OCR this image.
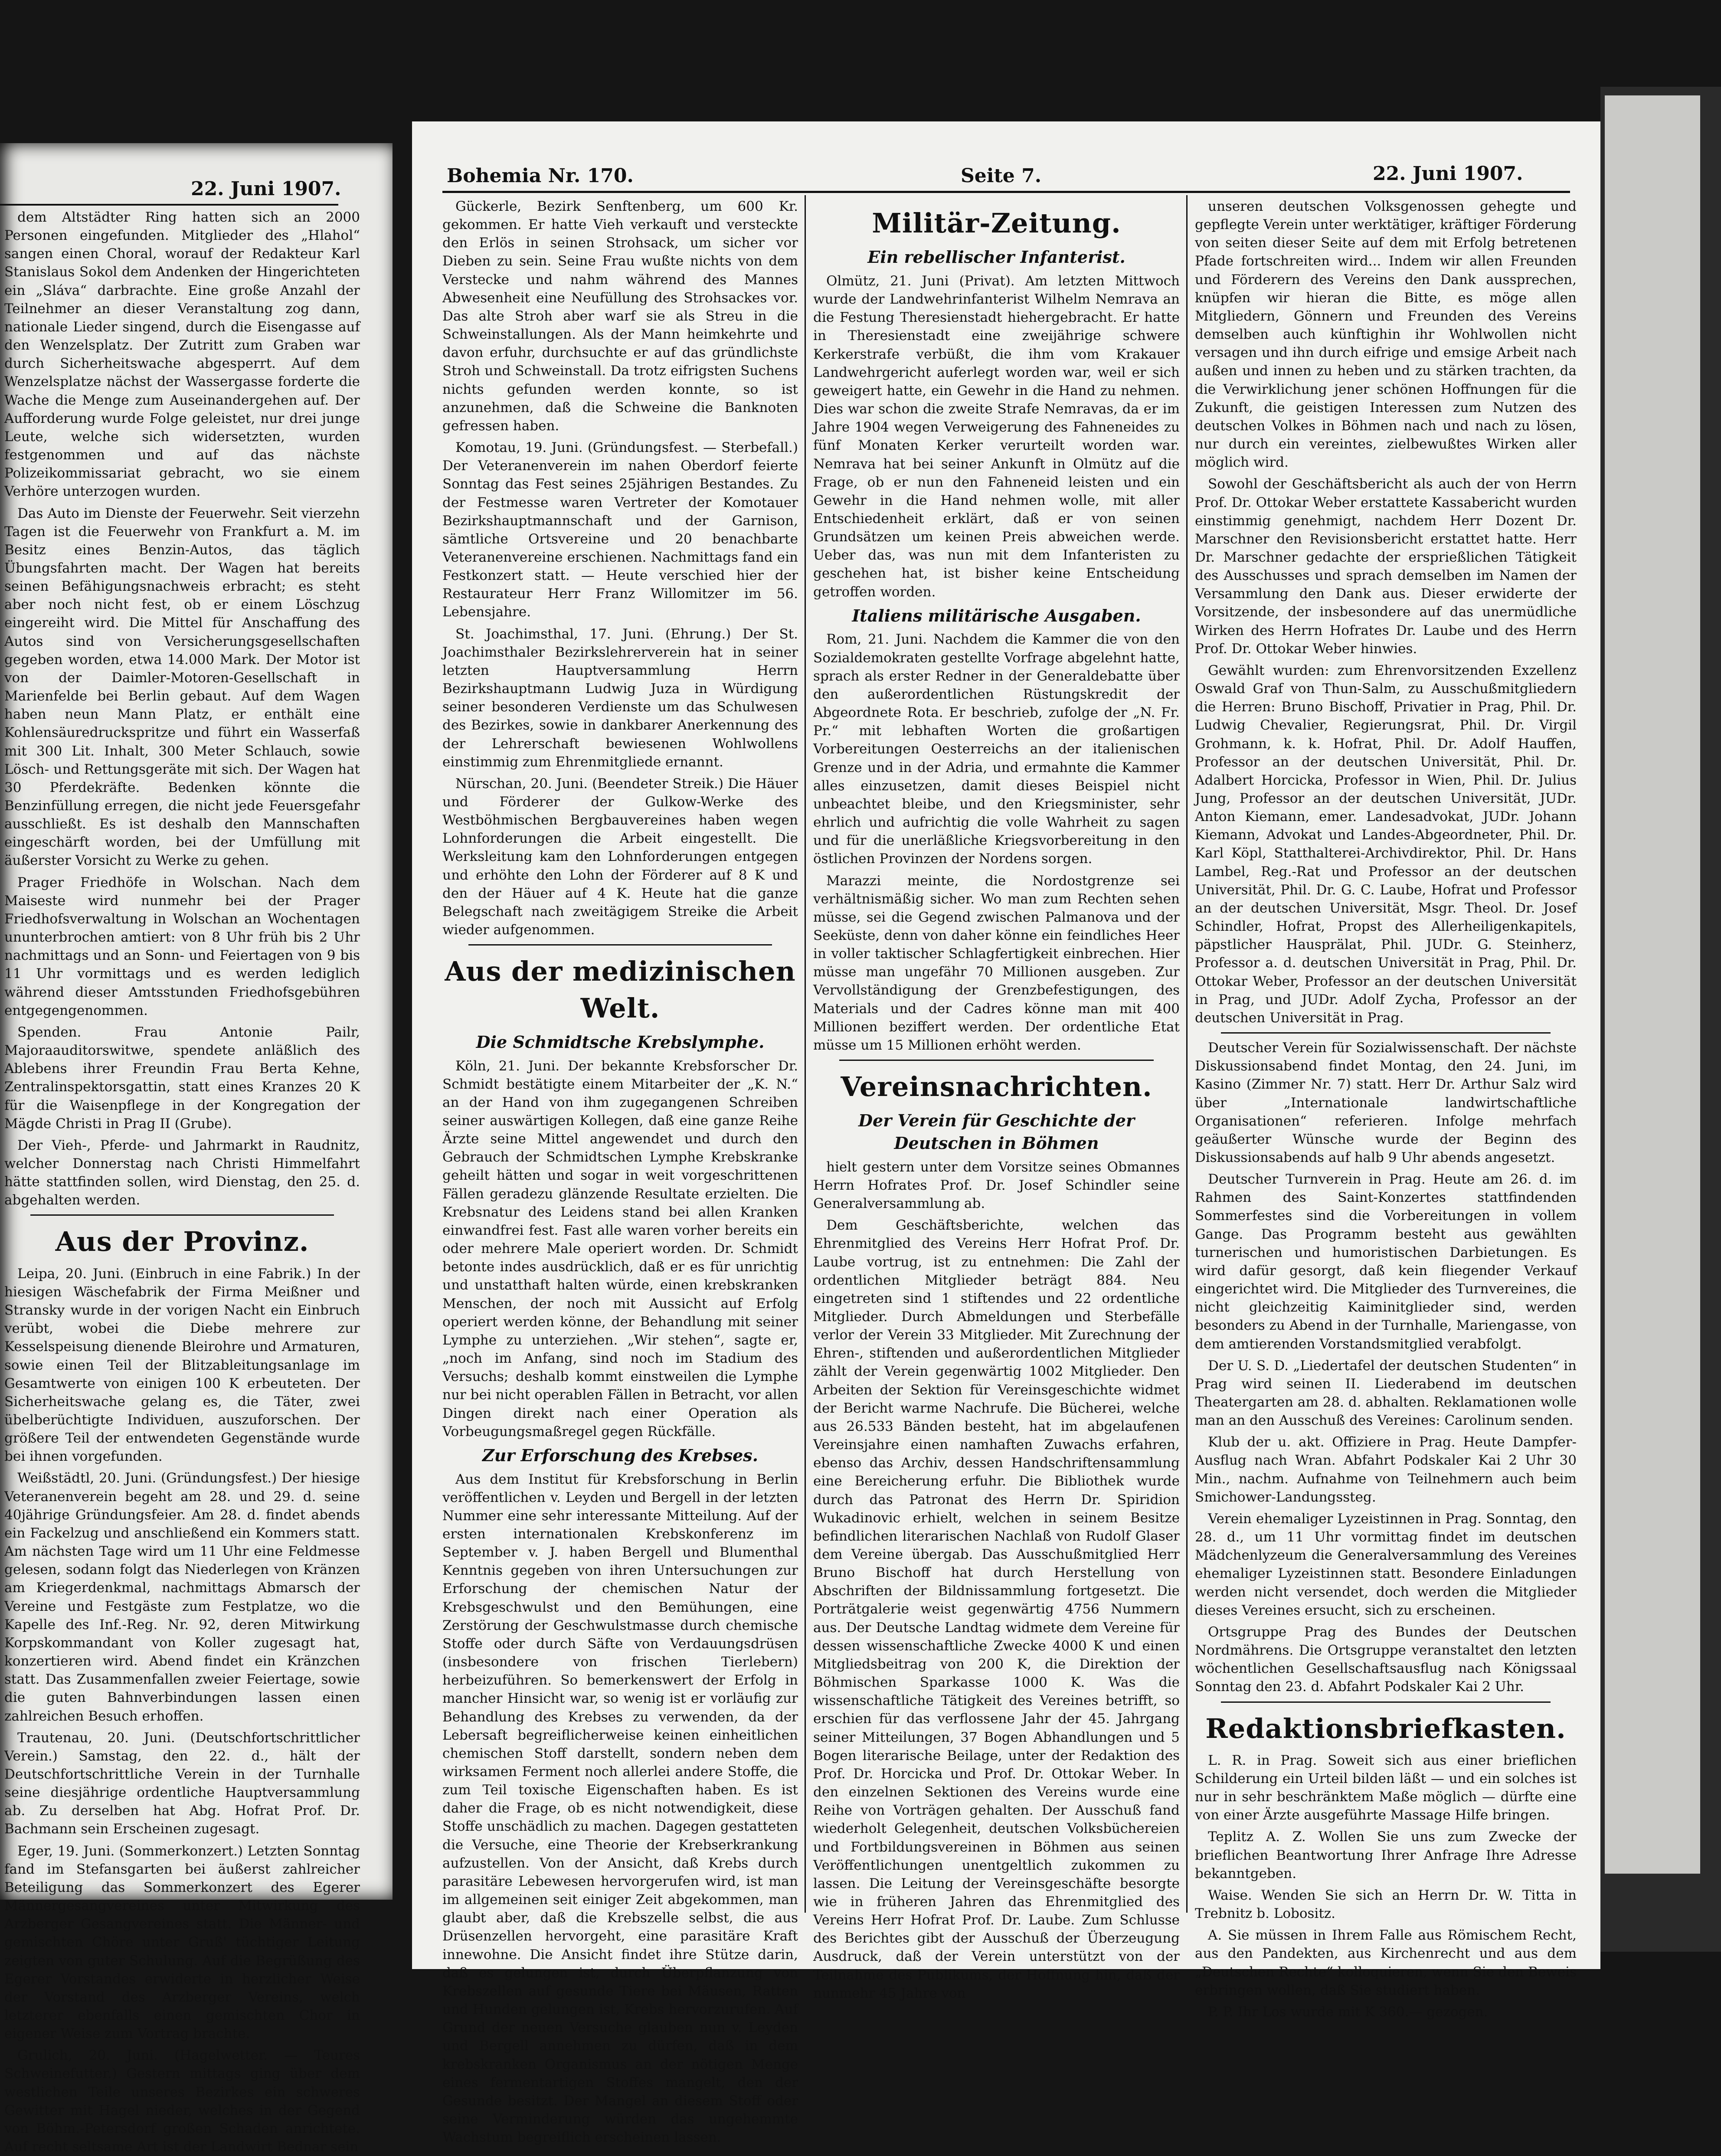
22. Juni 1907.

dem Altstädter Ring hatten sich an 2000 Personen eingefunden. Mitglieder des „Hlahol“ sangen einen Choral, worauf der Redakteur Karl Stanislaus Sokol dem Andenken der Hingerichteten ein „Sláva“ darbrachte. Eine große Anzahl der Teilnehmer an dieser Veranstaltung zog dann, nationale Lieder singend, durch die Eisengasse auf den Wenzelsplatz. Der Zutritt zum Graben war durch Sicherheitswache abgesperrt. Auf dem Wenzelsplatze nächst der Wassergasse forderte die Wache die Menge zum Auseinandergehen auf. Der Aufforderung wurde Folge geleistet, nur drei junge Leute, welche sich widersetzten, wurden festgenommen und auf das nächste Polizeikommissariat gebracht, wo sie einem Verhöre unterzogen wurden.

Das Auto im Dienste der Feuerwehr. Seit vierzehn Tagen ist die Feuerwehr von Frankfurt a. M. im Besitz eines Benzin-Autos, das täglich Übungsfahrten macht. Der Wagen hat bereits seinen Befähigungsnachweis erbracht; es steht aber noch nicht fest, ob er einem Löschzug eingereiht wird. Die Mittel für Anschaffung des Autos sind von Versicherungsgesellschaften gegeben worden, etwa 14.000 Mark. Der Motor ist von der Daimler-Motoren-Gesellschaft in Marienfelde bei Berlin gebaut. Auf dem Wagen haben neun Mann Platz, er enthält eine Kohlensäuredruckspritze und führt ein Wasserfaß mit 300 Lit. Inhalt, 300 Meter Schlauch, sowie Lösch- und Rettungsgeräte mit sich. Der Wagen hat 30 Pferdekräfte. Bedenken könnte die Benzinfüllung erregen, die nicht jede Feuersgefahr ausschließt. Es ist deshalb den Mannschaften eingeschärft worden, bei der Umfüllung mit äußerster Vorsicht zu Werke zu gehen.

Prager Friedhöfe in Wolschan. Nach dem Maiseste wird nunmehr bei der Prager Friedhofsverwaltung in Wolschan an Wochentagen ununterbrochen amtiert: von 8 Uhr früh bis 2 Uhr nachmittags und an Sonn- und Feiertagen von 9 bis 11 Uhr vormittags und es werden lediglich während dieser Amtsstunden Friedhofsgebühren entgegengenommen.

Spenden. Frau Antonie Pailr, Majoraauditorswitwe, spendete anläßlich des Ablebens ihrer Freundin Frau Berta Kehne, Zentralinspektorsgattin, statt eines Kranzes 20 K für die Waisenpflege in der Kongregation der Mägde Christi in Prag II (Grube).

Der Vieh-, Pferde- und Jahrmarkt in Raudnitz, welcher Donnerstag nach Christi Himmelfahrt hätte stattfinden sollen, wird Dienstag, den 25. d. abgehalten werden.

Aus der Provinz.

Leipa, 20. Juni. (Einbruch in eine Fabrik.) In der hiesigen Wäschefabrik der Firma Meißner und Stransky wurde in der vorigen Nacht ein Einbruch verübt, wobei die Diebe mehrere zur Kesselspeisung dienende Bleirohre und Armaturen, sowie einen Teil der Blitzableitungsanlage im Gesamtwerte von einigen 100 K erbeuteten. Der Sicherheitswache gelang es, die Täter, zwei übelberüchtigte Individuen, auszuforschen. Der größere Teil der entwendeten Gegenstände wurde bei ihnen vorgefunden.

Weißstädtl, 20. Juni. (Gründungsfest.) Der hiesige Veteranenverein begeht am 28. und 29. d. seine 40jährige Gründungsfeier. Am 28. d. findet abends ein Fackelzug und anschließend ein Kommers statt. Am nächsten Tage wird um 11 Uhr eine Feldmesse gelesen, sodann folgt das Niederlegen von Kränzen am Kriegerdenkmal, nachmittags Abmarsch der Vereine und Festgäste zum Festplatze, wo die Kapelle des Inf.-Reg. Nr. 92, deren Mitwirkung Korpskommandant von Koller zugesagt hat, konzertieren wird. Abend findet ein Kränzchen statt. Das Zusammenfallen zweier Feiertage, sowie die guten Bahnverbindungen lassen einen zahlreichen Besuch erhoffen.

Trautenau, 20. Juni. (Deutschfortschrittlicher Verein.) Samstag, den 22. d., hält der Deutschfortschrittliche Verein in der Turnhalle seine diesjährige ordentliche Hauptversammlung ab. Zu derselben hat Abg. Hofrat Prof. Dr. Bachmann sein Erscheinen zugesagt.

Eger, 19. Juni. (Sommerkonzert.) Letzten Sonntag fand im Stefansgarten bei äußerst zahlreicher Beteiligung das Sommerkonzert des Egerer Männergesangvereines unter Mitwirkung des Arzberger Gesangvereines statt. Die Männer- und gemischten Chöre unter Gruß' tüchtiger Leitung zeigten von guter Schulung. Auf die Begrüßung des Egerer Vorstandes erwiderte in herzlicher Weise der Vorstand des Arzberger Vereins, welch letzterer ebenfalls einen gemischten Chor in eigener Weise zum Vortrag brachte.

Grulich, 20. Juni. (Hagelwetter. — Teures Schweinefutter.) Gestern mittags ging über dem westlichen Teile unseres Bezirkes ein schweres Gewitter mit Hagel nieder, welches in der Gegend von Böhm.-Petersdorf großen Schaden anrichtete. Auf recht seltsame Art ist der Landwirt Bednar sein

Bohemia Nr. 170.	Seite 7.	22. Juni 1907.

Gückerle, Bezirk Senftenberg, um 600 Kr. gekommen. Er hatte Vieh verkauft und versteckte den Erlös in seinen Strohsack, um sicher vor Dieben zu sein. Seine Frau wußte nichts von dem Verstecke und nahm während des Mannes Abwesenheit eine Neufüllung des Strohsackes vor. Das alte Stroh aber warf sie als Streu in die Schweinstallungen. Als der Mann heimkehrte und davon erfuhr, durchsuchte er auf das gründlichste Stroh und Schweinstall. Da trotz eifrigsten Suchens nichts gefunden werden konnte, so ist anzunehmen, daß die Schweine die Banknoten gefressen haben.

Komotau, 19. Juni. (Gründungsfest. — Sterbefall.) Der Veteranenverein im nahen Oberdorf feierte Sonntag das Fest seines 25jährigen Bestandes. Zu der Festmesse waren Vertreter der Komotauer Bezirkshauptmannschaft und der Garnison, sämtliche Ortsvereine und 20 benachbarte Veteranenvereine erschienen. Nachmittags fand ein Festkonzert statt. — Heute verschied hier der Restaurateur Herr Franz Willomitzer im 56. Lebensjahre.

St. Joachimsthal, 17. Juni. (Ehrung.) Der St. Joachimsthaler Bezirkslehrerverein hat in seiner letzten Hauptversammlung Herrn Bezirkshauptmann Ludwig Juza in Würdigung seiner besonderen Verdienste um das Schulwesen des Bezirkes, sowie in dankbarer Anerkennung des der Lehrerschaft bewiesenen Wohlwollens einstimmig zum Ehrenmitgliede ernannt.

Nürschan, 20. Juni. (Beendeter Streik.) Die Häuer und Förderer der Gulkow-Werke des Westböhmischen Bergbauvereines haben wegen Lohnforderungen die Arbeit eingestellt. Die Werksleitung kam den Lohnforderungen entgegen und erhöhte den Lohn der Förderer auf 8 K und den der Häuer auf 4 K. Heute hat die ganze Belegschaft nach zweitägigem Streike die Arbeit wieder aufgenommen.

Aus der medizinischen Welt.
Die Schmidtsche Krebslymphe.

Köln, 21. Juni. Der bekannte Krebsforscher Dr. Schmidt bestätigte einem Mitarbeiter der „K. N.“ an der Hand von ihm zugegangenen Schreiben seiner auswärtigen Kollegen, daß eine ganze Reihe Ärzte seine Mittel angewendet und durch den Gebrauch der Schmidtschen Lymphe Krebskranke geheilt hätten und sogar in weit vorgeschrittenen Fällen geradezu glänzende Resultate erzielten. Die Krebsnatur des Leidens stand bei allen Kranken einwandfrei fest. Fast alle waren vorher bereits ein oder mehrere Male operiert worden. Dr. Schmidt betonte indes ausdrücklich, daß er es für unrichtig und unstatthaft halten würde, einen krebskranken Menschen, der noch mit Aussicht auf Erfolg operiert werden könne, der Behandlung mit seiner Lymphe zu unterziehen. „Wir stehen“, sagte er, „noch im Anfang, sind noch im Stadium des Versuchs; deshalb kommt einstweilen die Lymphe nur bei nicht operablen Fällen in Betracht, vor allen Dingen direkt nach einer Operation als Vorbeugungsmaßregel gegen Rückfälle.

Zur Erforschung des Krebses.

Aus dem Institut für Krebsforschung in Berlin veröffentlichen v. Leyden und Bergell in der letzten Nummer eine sehr interessante Mitteilung. Auf der ersten internationalen Krebskonferenz im September v. J. haben Bergell und Blumenthal Kenntnis gegeben von ihren Untersuchungen zur Erforschung der chemischen Natur der Krebsgeschwulst und den Bemühungen, eine Zerstörung der Geschwulstmasse durch chemische Stoffe oder durch Säfte von Verdauungsdrüsen (insbesondere von frischen Tierlebern) herbeizuführen. So bemerkenswert der Erfolg in mancher Hinsicht war, so wenig ist er vorläufig zur Behandlung des Krebses zu verwenden, da der Lebersaft begreiflicherweise keinen einheitlichen chemischen Stoff darstellt, sondern neben dem wirksamen Ferment noch allerlei andere Stoffe, die zum Teil toxische Eigenschaften haben. Es ist daher die Frage, ob es nicht notwendigkeit, diese Stoffe unschädlich zu machen. Dagegen gestatteten die Versuche, eine Theorie der Krebserkrankung aufzustellen. Von der Ansicht, daß Krebs durch parasitäre Lebewesen hervorgerufen wird, ist man im allgemeinen seit einiger Zeit abgekommen, man glaubt aber, daß die Krebszelle selbst, die aus Drüsenzellen hervorgeht, eine parasitäre Kraft innewohne. Die Ansicht findet ihre Stütze darin, daß es gelungen ist, durch Überpflanzung von Krebszellen auf gesunde Tiere bei Mäusen, Ratten und Hunden gelungen ist, Krebs hervorzurufen. Auf Grund der neuen Versuche glauben nun v. Leyden und Bergell annehmen zu dürfen, daß in dem krebskranken Organismus an der nötigen Menge eines fermentartigen Stoffes mangelt, den der Gesunde besitzt. Der Mangel an diesem Stoff oder seine Verminderung würden das ungehemmte Wachstum begreiflich erscheinen lassen.

Militär-Zeitung.
Ein rebellischer Infanterist.

Olmütz, 21. Juni (Privat). Am letzten Mittwoch wurde der Landwehrinfanterist Wilhelm Nemrava an die Festung Theresienstadt hiehergebracht. Er hatte in Theresienstadt eine zweijährige schwere Kerkerstrafe verbüßt, die ihm vom Krakauer Landwehrgericht auferlegt worden war, weil er sich geweigert hatte, ein Gewehr in die Hand zu nehmen. Dies war schon die zweite Strafe Nemravas, da er im Jahre 1904 wegen Verweigerung des Fahneneides zu fünf Monaten Kerker verurteilt worden war. Nemrava hat bei seiner Ankunft in Olmütz auf die Frage, ob er nun den Fahneneid leisten und ein Gewehr in die Hand nehmen wolle, mit aller Entschiedenheit erklärt, daß er von seinen Grundsätzen um keinen Preis abweichen werde. Ueber das, was nun mit dem Infanteristen zu geschehen hat, ist bisher keine Entscheidung getroffen worden.

Italiens militärische Ausgaben.

Rom, 21. Juni. Nachdem die Kammer die von den Sozialdemokraten gestellte Vorfrage abgelehnt hatte, sprach als erster Redner in der Generaldebatte über den außerordentlichen Rüstungskredit der Abgeordnete Rota. Er beschrieb, zufolge der „N. Fr. Pr.“ mit lebhaften Worten die großartigen Vorbereitungen Oesterreichs an der italienischen Grenze und in der Adria, und ermahnte die Kammer alles einzusetzen, damit dieses Beispiel nicht unbeachtet bleibe, und den Kriegsminister, sehr ehrlich und aufrichtig die volle Wahrheit zu sagen und für die unerläßliche Kriegsvorbereitung in den östlichen Provinzen der Nordens sorgen.

Marazzi meinte, die Nordostgrenze sei verhältnismäßig sicher. Wo man zum Rechten sehen müsse, sei die Gegend zwischen Palmanova und der Seeküste, denn von daher könne ein feindliches Heer in voller taktischer Schlagfertigkeit einbrechen. Hier müsse man ungefähr 70 Millionen ausgeben. Zur Vervollständigung der Grenzbefestigungen, des Materials und der Cadres könne man mit 400 Millionen beziffert werden. Der ordentliche Etat müsse um 15 Millionen erhöht werden.

Vereinsnachrichten.
Der Verein für Geschichte der Deutschen in Böhmen

hielt gestern unter dem Vorsitze seines Obmannes Herrn Hofrates Prof. Dr. Josef Schindler seine Generalversammlung ab.

Dem Geschäftsberichte, welchen das Ehrenmitglied des Vereins Herr Hofrat Prof. Dr. Laube vortrug, ist zu entnehmen: Die Zahl der ordentlichen Mitglieder beträgt 884. Neu eingetreten sind 1 stiftendes und 22 ordentliche Mitglieder. Durch Abmeldungen und Sterbefälle verlor der Verein 33 Mitglieder. Mit Zurechnung der Ehren-, stiftenden und außerordentlichen Mitglieder zählt der Verein gegenwärtig 1002 Mitglieder. Den Arbeiten der Sektion für Vereinsgeschichte widmet der Bericht warme Nachrufe. Die Bücherei, welche aus 26.533 Bänden besteht, hat im abgelaufenen Vereinsjahre einen namhaften Zuwachs erfahren, ebenso das Archiv, dessen Handschriftensammlung eine Bereicherung erfuhr. Die Bibliothek wurde durch das Patronat des Herrn Dr. Spiridion Wukadinovic erhielt, welchen in seinem Besitze befindlichen literarischen Nachlaß von Rudolf Glaser dem Vereine übergab. Das Ausschußmitglied Herr Bruno Bischoff hat durch Herstellung von Abschriften der Bildnissammlung fortgesetzt. Die Porträtgalerie weist gegenwärtig 4756 Nummern aus. Der Deutsche Landtag widmete dem Vereine für dessen wissenschaftliche Zwecke 4000 K und einen Mitgliedsbeitrag von 200 K, die Direktion der Böhmischen Sparkasse 1000 K. Was die wissenschaftliche Tätigkeit des Vereines betrifft, so erschien für das verflossene Jahr der 45. Jahrgang seiner Mitteilungen, 37 Bogen Abhandlungen und 5 Bogen literarische Beilage, unter der Redaktion des Prof. Dr. Horcicka und Prof. Dr. Ottokar Weber. In den einzelnen Sektionen des Vereins wurde eine Reihe von Vorträgen gehalten. Der Ausschuß fand wiederholt Gelegenheit, deutschen Volksbüchereien und Fortbildungsvereinen in Böhmen aus seinen Veröffentlichungen unentgeltlich zukommen zu lassen. Die Leitung der Vereinsgeschäfte besorgte wie in früheren Jahren das Ehrenmitglied des Vereins Herr Hofrat Prof. Dr. Laube. Zum Schlusse des Berichtes gibt der Ausschuß der Überzeugung Ausdruck, daß der Verein unterstützt von der Teilnahme des Publikums, der Hoffnung hin, daß der nunmehr 45 Jahre von

unseren deutschen Volksgenossen gehegte und gepflegte Verein unter werktätiger, kräftiger Förderung von seiten dieser Seite auf dem mit Erfolg betretenen Pfade fortschreiten wird... Indem wir allen Freunden und Förderern des Vereins den Dank aussprechen, knüpfen wir hieran die Bitte, es möge allen Mitgliedern, Gönnern und Freunden des Vereins demselben auch künftighin ihr Wohlwollen nicht versagen und ihn durch eifrige und emsige Arbeit nach außen und innen zu heben und zu stärken trachten, da die Verwirklichung jener schönen Hoffnungen für die Zukunft, die geistigen Interessen zum Nutzen des deutschen Volkes in Böhmen nach und nach zu lösen, nur durch ein vereintes, zielbewußtes Wirken aller möglich wird.

Sowohl der Geschäftsbericht als auch der von Herrn Prof. Dr. Ottokar Weber erstattete Kassabericht wurden einstimmig genehmigt, nachdem Herr Dozent Dr. Marschner den Revisionsbericht erstattet hatte. Herr Dr. Marschner gedachte der ersprießlichen Tätigkeit des Ausschusses und sprach demselben im Namen der Versammlung den Dank aus. Dieser erwiderte der Vorsitzende, der insbesondere auf das unermüdliche Wirken des Herrn Hofrates Dr. Laube und des Herrn Prof. Dr. Ottokar Weber hinwies.

Gewählt wurden: zum Ehrenvorsitzenden Exzellenz Oswald Graf von Thun-Salm, zu Ausschußmitgliedern die Herren: Bruno Bischoff, Privatier in Prag, Phil. Dr. Ludwig Chevalier, Regierungsrat, Phil. Dr. Virgil Grohmann, k. k. Hofrat, Phil. Dr. Adolf Hauffen, Professor an der deutschen Universität, Phil. Dr. Adalbert Horcicka, Professor in Wien, Phil. Dr. Julius Jung, Professor an der deutschen Universität, JUDr. Anton Kiemann, emer. Landesadvokat, JUDr. Johann Kiemann, Advokat und Landes-Abgeordneter, Phil. Dr. Karl Köpl, Statthalterei-Archivdirektor, Phil. Dr. Hans Lambel, Reg.-Rat und Professor an der deutschen Universität, Phil. Dr. G. C. Laube, Hofrat und Professor an der deutschen Universität, Msgr. Theol. Dr. Josef Schindler, Hofrat, Propst des Allerheiligenkapitels, päpstlicher Hausprälat, Phil. JUDr. G. Steinherz, Professor a. d. deutschen Universität in Prag, Phil. Dr. Ottokar Weber, Professor an der deutschen Universität in Prag, und JUDr. Adolf Zycha, Professor an der deutschen Universität in Prag.

Deutscher Verein für Sozialwissenschaft. Der nächste Diskussionsabend findet Montag, den 24. Juni, im Kasino (Zimmer Nr. 7) statt. Herr Dr. Arthur Salz wird über „Internationale landwirtschaftliche Organisationen“ referieren. Infolge mehrfach geäußerter Wünsche wurde der Beginn des Diskussionsabends auf halb 9 Uhr abends angesetzt.

Deutscher Turnverein in Prag. Heute am 26. d. im Rahmen des Saint-Konzertes stattfindenden Sommerfestes sind die Vorbereitungen in vollem Gange. Das Programm besteht aus gewählten turnerischen und humoristischen Darbietungen. Es wird dafür gesorgt, daß kein fliegender Verkauf eingerichtet wird. Die Mitglieder des Turnvereines, die nicht gleichzeitig Kaiminitglieder sind, werden besonders zu Abend in der Turnhalle, Mariengasse, von dem amtierenden Vorstandsmitglied verabfolgt.

Der U. S. D. „Liedertafel der deutschen Studenten“ in Prag wird seinen II. Liederabend im deutschen Theatergarten am 28. d. abhalten. Reklamationen wolle man an den Ausschuß des Vereines: Carolinum senden.

Klub der u. akt. Offiziere in Prag. Heute Dampfer-Ausflug nach Wran. Abfahrt Podskaler Kai 2 Uhr 30 Min., nachm. Aufnahme von Teilnehmern auch beim Smichower-Landungssteg.

Verein ehemaliger Lyzeistinnen in Prag. Sonntag, den 28. d., um 11 Uhr vormittag findet im deutschen Mädchenlyzeum die Generalversammlung des Vereines ehemaliger Lyzeistinnen statt. Besondere Einladungen werden nicht versendet, doch werden die Mitglieder dieses Vereines ersucht, sich zu erscheinen.

Ortsgruppe Prag des Bundes der Deutschen Nordmährens. Die Ortsgruppe veranstaltet den letzten wöchentlichen Gesellschaftsausflug nach Königssaal Sonntag den 23. d. Abfahrt Podskaler Kai 2 Uhr.

Redaktionsbriefkasten.

L. R. in Prag. Soweit sich aus einer brieflichen Schilderung ein Urteil bilden läßt — und ein solches ist nur in sehr beschränktem Maße möglich — dürfte eine von einer Ärzte ausgeführte Massage Hilfe bringen.

Teplitz A. Z. Wollen Sie uns zum Zwecke der brieflichen Beantwortung Ihrer Anfrage Ihre Adresse bekanntgeben.

Waise. Wenden Sie sich an Herrn Dr. W. Titta in Trebnitz b. Lobositz.

A. Sie müssen in Ihrem Falle aus Römischem Recht, aus den Pandekten, aus Kirchenrecht und aus dem „Deutschen Rechte“ kolloquieren, wenn Sie den Beweis erbringen wollen, daß Sie studiert haben.

P. P. Ihr Los wurde mit K 360.— gezogen.
